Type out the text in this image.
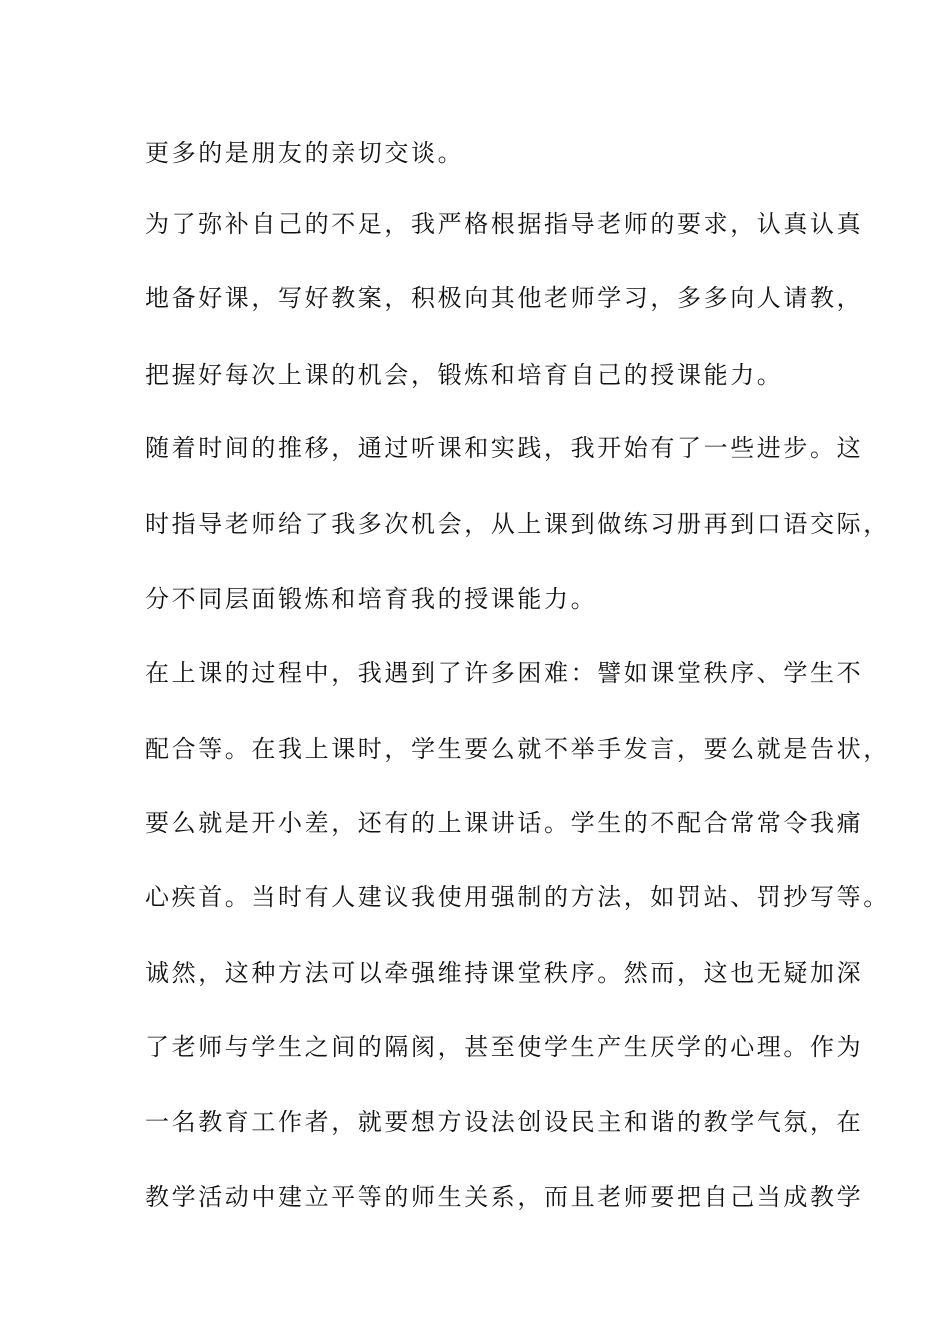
更多的是朋友的亲切交谈。
为了弥补自己的不足，我严格根据指导老师的要求，认真认真
地备好课，写好教案，积极向其他老师学习，多多向人请教，
把握好每次上课的机会，锻炼和培育自己的授课能力。
随着时间的推移，通过听课和实践，我开始有了一些进步。这
时指导老师给了我多次机会，从上课到做练习册再到口语交际，
分不同层面锻炼和培育我的授课能力。
在上课的过程中，我遇到了许多困难：譬如课堂秩序、学生不
配合等。在我上课时，学生要么就不举手发言，要么就是告状，
要么就是开小差，还有的上课讲话。学生的不配合常常令我痛
心疾首。当时有人建议我使用强制的方法，如罚站、罚抄写等。
诚然，这种方法可以牵强维持课堂秩序。然而，这也无疑加深
了老师与学生之间的隔阂，甚至使学生产生厌学的心理。作为
一名教育工作者，就要想方设法创设民主和谐的教学气氛，在
教学活动中建立平等的师生关系，而且老师要把自己当成教学
